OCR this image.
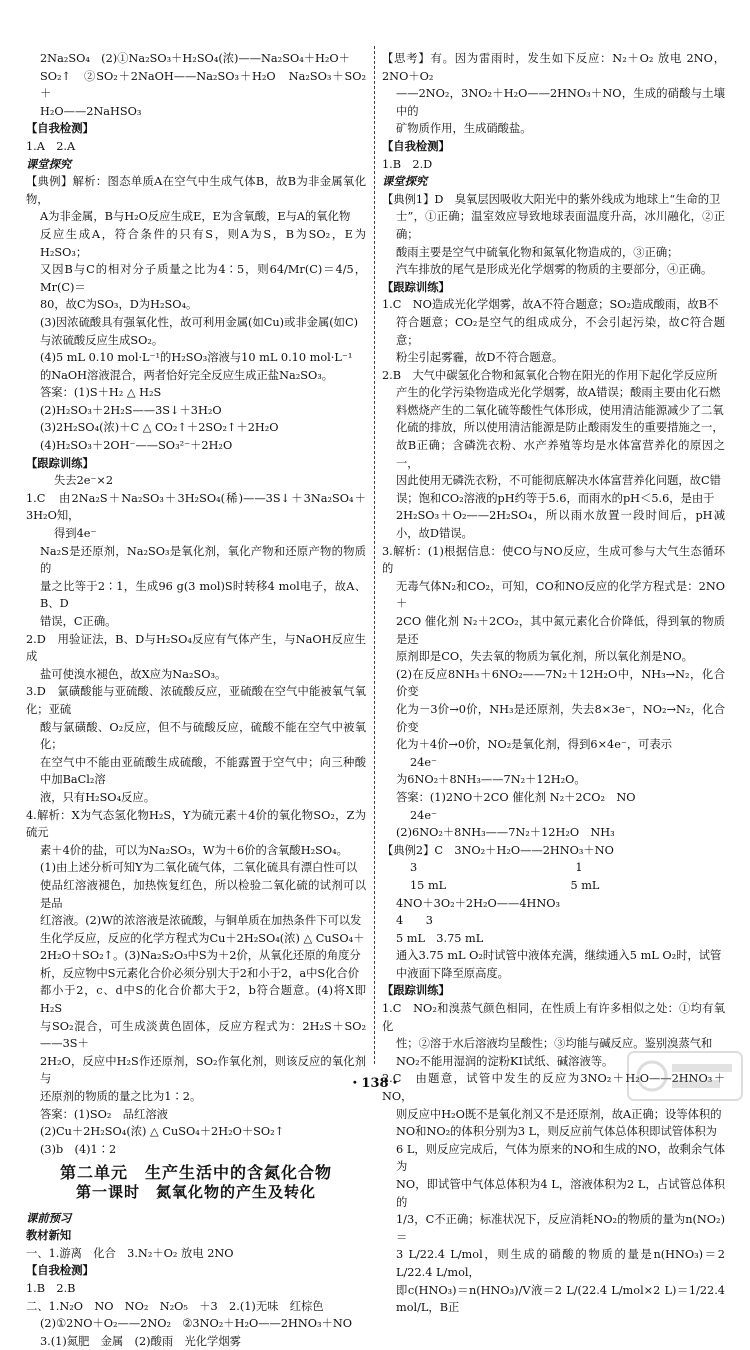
2Na₂SO₄　(2)①Na₂SO₃＋H₂SO₄(浓)——Na₂SO₄＋H₂O＋
SO₂↑　②SO₂＋2NaOH——Na₂SO₃＋H₂O　Na₂SO₃＋SO₂＋
H₂O——2NaHSO₃
【自我检测】
1.A　2.A
课堂探究
【典例】解析：图态单质A在空气中生成气体B，故B为非金属氧化物，
A为非金属，B与H₂O反应生成E，E为含氧酸，E与A的氧化物
反应生成A，符合条件的只有S，则A为S，B为SO₂，E为H₂SO₃；
又因B与C的相对分子质量之比为4∶5，则64/Mr(C)＝4/5，Mr(C)＝
80，故C为SO₃，D为H₂SO₄。
(3)因浓硫酸具有强氧化性，故可利用金属(如Cu)或非金属(如C)
与浓硫酸反应生成SO₂。
(4)5 mL 0.10 mol·L⁻¹的H₂SO₃溶液与10 mL 0.10 mol·L⁻¹
的NaOH溶液混合，两者恰好完全反应生成正盐Na₂SO₃。
答案：(1)S＋H₂ △ H₂S
(2)H₂SO₃＋2H₂S——3S↓＋3H₂O
(3)2H₂SO₄(浓)＋C △ CO₂↑＋2SO₂↑＋2H₂O
(4)H₂SO₃＋2OH⁻——SO₃²⁻＋2H₂O
【跟踪训练】
失去2e⁻×2
1.C　由2Na₂S＋Na₂SO₃＋3H₂SO₄(稀)——3S↓＋3Na₂SO₄＋3H₂O知，
得到4e⁻
Na₂S是还原剂，Na₂SO₃是氧化剂，氧化产物和还原产物的物质的
量之比等于2∶1，生成96 g(3 mol)S时转移4 mol电子，故A、B、D
错误，C正确。
2.D　用验证法，B、D与H₂SO₄反应有气体产生，与NaOH反应生成
盐可使溴水褪色，故X应为Na₂SO₃。
3.D　氯磺酸能与亚硫酸、浓硫酸反应，亚硫酸在空气中能被氧气氧化；亚硫
酸与氯磺酸、O₂反应，但不与硫酸反应，硫酸不能在空气中被氧化；
在空气中不能由亚硫酸生成硫酸，不能露置于空气中；向三种酸中加BaCl₂溶
液，只有H₂SO₄反应。
4.解析：X为气态氢化物H₂S，Y为硫元素＋4价的氧化物SO₂，Z为硫元
素＋4价的盐，可以为Na₂SO₃，W为＋6价的含氧酸H₂SO₄。
(1)由上述分析可知Y为二氧化硫气体，二氧化硫具有漂白性可以
使品红溶液褪色，加热恢复红色，所以检验二氧化硫的试剂可以是品
红溶液。(2)W的浓溶液是浓硫酸，与铜单质在加热条件下可以发
生化学反应，反应的化学方程式为Cu＋2H₂SO₄(浓) △ CuSO₄＋
2H₂O＋SO₂↑。(3)Na₂S₂O₃中S为＋2价，从氧化还原的角度分
析，反应物中S元素化合价必须分别大于2和小于2，a中S化合价
都小于2，c、d中S的化合价都大于2，b符合题意。(4)将X即H₂S
与SO₂混合，可生成淡黄色固体，反应方程式为：2H₂S＋SO₂——3S＋
2H₂O，反应中H₂S作还原剂，SO₂作氧化剂，则该反应的氧化剂与
还原剂的物质的量之比为1∶2。
答案：(1)SO₂　品红溶液
(2)Cu＋2H₂SO₄(浓) △ CuSO₄＋2H₂O＋SO₂↑
(3)b　(4)1∶2
第二单元　生产生活中的含氮化合物
第一课时　氮氧化物的产生及转化
课前预习
教材新知
一、1.游离　化合　3.N₂＋O₂ 放电 2NO
【自我检测】
1.B　2.B
二、1.N₂O　NO　NO₂　N₂O₅　＋3　2.(1)无味　红棕色
(2)①2NO＋O₂——2NO₂　②3NO₂＋H₂O——2HNO₃＋NO
3.(1)氮肥　金属　(2)酸雨　光化学烟雾
【思考】有。因为雷雨时，发生如下反应：N₂＋O₂ 放电 2NO，2NO＋O₂
——2NO₂，3NO₂＋H₂O——2HNO₃＋NO，生成的硝酸与土壤中的
矿物质作用，生成硝酸盐。
【自我检测】
1.B　2.D
课堂探究
【典例1】D　臭氧层因吸收大阳光中的紫外线成为地球上“生命的卫
士”，①正确；温室效应导致地球表面温度升高，冰川融化，②正确；
酸雨主要是空气中硫氧化物和氮氧化物造成的，③正确；
汽车排放的尾气是形成光化学烟雾的物质的主要部分，④正确。
【跟踪训练】
1.C　NO造成光化学烟雾，故A不符合题意；SO₂造成酸雨，故B不
符合题意；CO₂是空气的组成成分，不会引起污染，故C符合题意；
粉尘引起雾霾，故D不符合题意。
2.B　大气中碳氢化合物和氮氧化合物在阳光的作用下起化学反应所
产生的化学污染物造成光化学烟雾，故A错误；酸雨主要由化石燃
料燃烧产生的二氧化硫等酸性气体形成，使用清洁能源减少了二氧
化硫的排放，所以使用清洁能源是防止酸雨发生的重要措施之一，
故B正确；含磷洗衣粉、水产养殖等均是水体富营养化的原因之一，
因此使用无磷洗衣粉，不可能彻底解决水体富营养化问题，故C错
误；饱和CO₂溶液的pH约等于5.6，而雨水的pH＜5.6，是由于
2H₂SO₃＋O₂——2H₂SO₄，所以雨水放置一段时间后，pH减小，故D错误。
3.解析：(1)根据信息：使CO与NO反应，生成可参与大气生态循环的
无毒气体N₂和CO₂，可知，CO和NO反应的化学方程式是：2NO＋
2CO 催化剂 N₂＋2CO₂，其中氮元素化合价降低，得到氧的物质是还
原剂即是CO，失去氧的物质为氧化剂，所以氧化剂是NO。
(2)在反应8NH₃＋6NO₂——7N₂＋12H₂O中，NH₃→N₂，化合价变
化为－3价→0价，NH₃是还原剂，失去8×3e⁻，NO₂→N₂，化合价变
化为＋4价→0价，NO₂是氧化剂，得到6×4e⁻，可表示
24e⁻
为6NO₂＋8NH₃——7N₂＋12H₂O。
答案：(1)2NO＋2CO 催化剂 N₂＋2CO₂　NO
24e⁻
(2)6NO₂＋8NH₃——7N₂＋12H₂O　NH₃
【典例2】C　3NO₂＋H₂O——2HNO₃＋NO
3　　　　　　　　　　　　　　1
15 mL　　　　　　　　　　　5 mL
4NO＋3O₂＋2H₂O——4HNO₃
4　　3
5 mL　3.75 mL
通入3.75 mL O₂时试管中液体充满，继续通入5 mL O₂时，试管
中液面下降至原高度。
【跟踪训练】
1.C　NO₂和溴蒸气颜色相同，在性质上有许多相似之处：①均有氧化
性；②溶于水后溶液均呈酸性；③均能与碱反应。鉴别溴蒸气和
NO₂不能用湿润的淀粉KI试纸、碱溶液等。
2.C　由题意，试管中发生的反应为3NO₂＋H₂O——2HNO₃＋NO，
则反应中H₂O既不是氧化剂又不是还原剂，故A正确；设等体积的
NO和NO₂的体积分别为3 L，则反应前气体总体积即试管体积为
6 L，则反应完成后，气体为原来的NO和生成的NO，故剩余气体为
NO，即试管中气体总体积为4 L，溶液体积为2 L，占试管总体积的
1/3，C不正确；标准状况下，反应消耗NO₂的物质的量为n(NO₂)＝
3 L/22.4 L/mol，则生成的硝酸的物质的量是n(HNO₃)＝2 L/22.4 L/mol，
即c(HNO₃)＝n(HNO₃)/V液＝2 L/(22.4 L/mol×2 L)＝1/22.4 mol/L，B正
・138・
